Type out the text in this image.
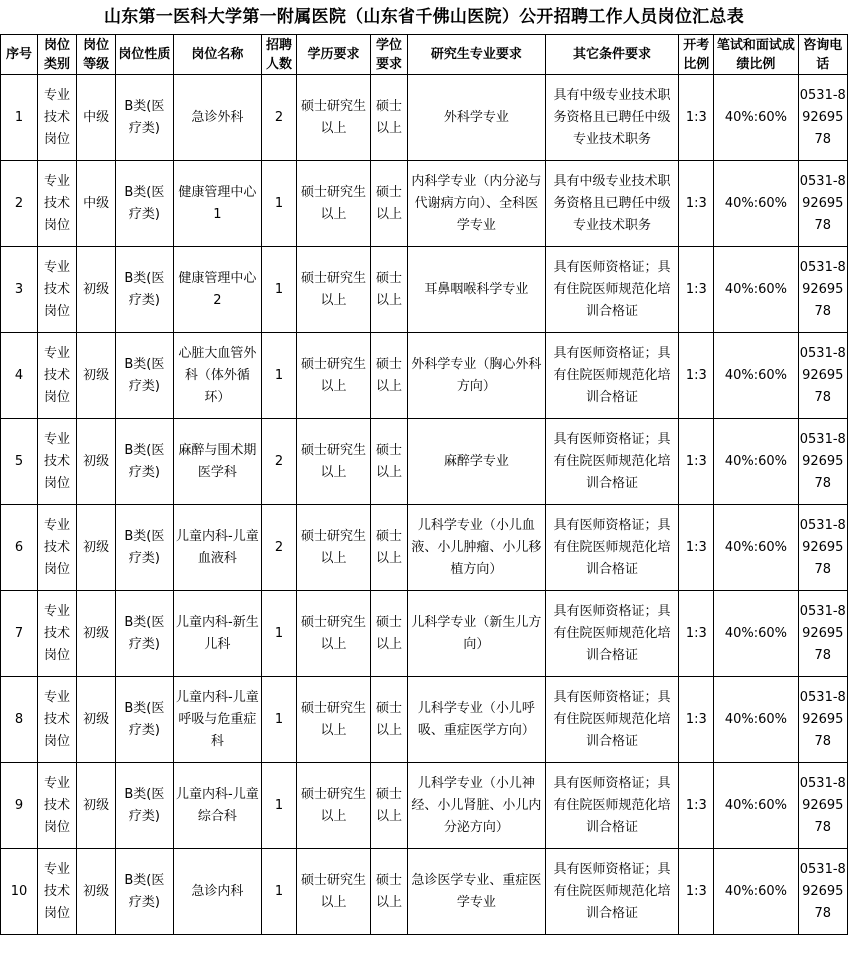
山东第一医科大学第一附属医院（山东省千佛山医院）公开招聘工作人员岗位汇总表
序号	岗位类别	岗位等级	岗位性质	岗位名称	招聘人数	学历要求	学位要求	研究生专业要求	其它条件要求	开考比例	笔试和面试成绩比例	咨询电话
1	专业技术岗位	中级	B类(医疗类)	急诊外科	2	硕士研究生以上	硕士以上	外科学专业	具有中级专业技术职务资格且已聘任中级专业技术职务	1:3	40%:60%	0531-89269578
2	专业技术岗位	中级	B类(医疗类)	健康管理中心1	1	硕士研究生以上	硕士以上	内科学专业（内分泌与代谢病方向）、全科医学专业	具有中级专业技术职务资格且已聘任中级专业技术职务	1:3	40%:60%	0531-89269578
3	专业技术岗位	初级	B类(医疗类)	健康管理中心2	1	硕士研究生以上	硕士以上	耳鼻咽喉科学专业	具有医师资格证；具有住院医师规范化培训合格证	1:3	40%:60%	0531-89269578
4	专业技术岗位	初级	B类(医疗类)	心脏大血管外科（体外循环）	1	硕士研究生以上	硕士以上	外科学专业（胸心外科方向）	具有医师资格证；具有住院医师规范化培训合格证	1:3	40%:60%	0531-89269578
5	专业技术岗位	初级	B类(医疗类)	麻醉与围术期医学科	2	硕士研究生以上	硕士以上	麻醉学专业	具有医师资格证；具有住院医师规范化培训合格证	1:3	40%:60%	0531-89269578
6	专业技术岗位	初级	B类(医疗类)	儿童内科-儿童血液科	2	硕士研究生以上	硕士以上	儿科学专业（小儿血液、小儿肿瘤、小儿移植方向）	具有医师资格证；具有住院医师规范化培训合格证	1:3	40%:60%	0531-89269578
7	专业技术岗位	初级	B类(医疗类)	儿童内科-新生儿科	1	硕士研究生以上	硕士以上	儿科学专业（新生儿方向）	具有医师资格证；具有住院医师规范化培训合格证	1:3	40%:60%	0531-89269578
8	专业技术岗位	初级	B类(医疗类)	儿童内科-儿童呼吸与危重症科	1	硕士研究生以上	硕士以上	儿科学专业（小儿呼吸、重症医学方向）	具有医师资格证；具有住院医师规范化培训合格证	1:3	40%:60%	0531-89269578
9	专业技术岗位	初级	B类(医疗类)	儿童内科-儿童综合科	1	硕士研究生以上	硕士以上	儿科学专业（小儿神经、小儿肾脏、小儿内分泌方向）	具有医师资格证；具有住院医师规范化培训合格证	1:3	40%:60%	0531-89269578
10	专业技术岗位	初级	B类(医疗类)	急诊内科	1	硕士研究生以上	硕士以上	急诊医学专业、重症医学专业	具有医师资格证；具有住院医师规范化培训合格证	1:3	40%:60%	0531-89269578
